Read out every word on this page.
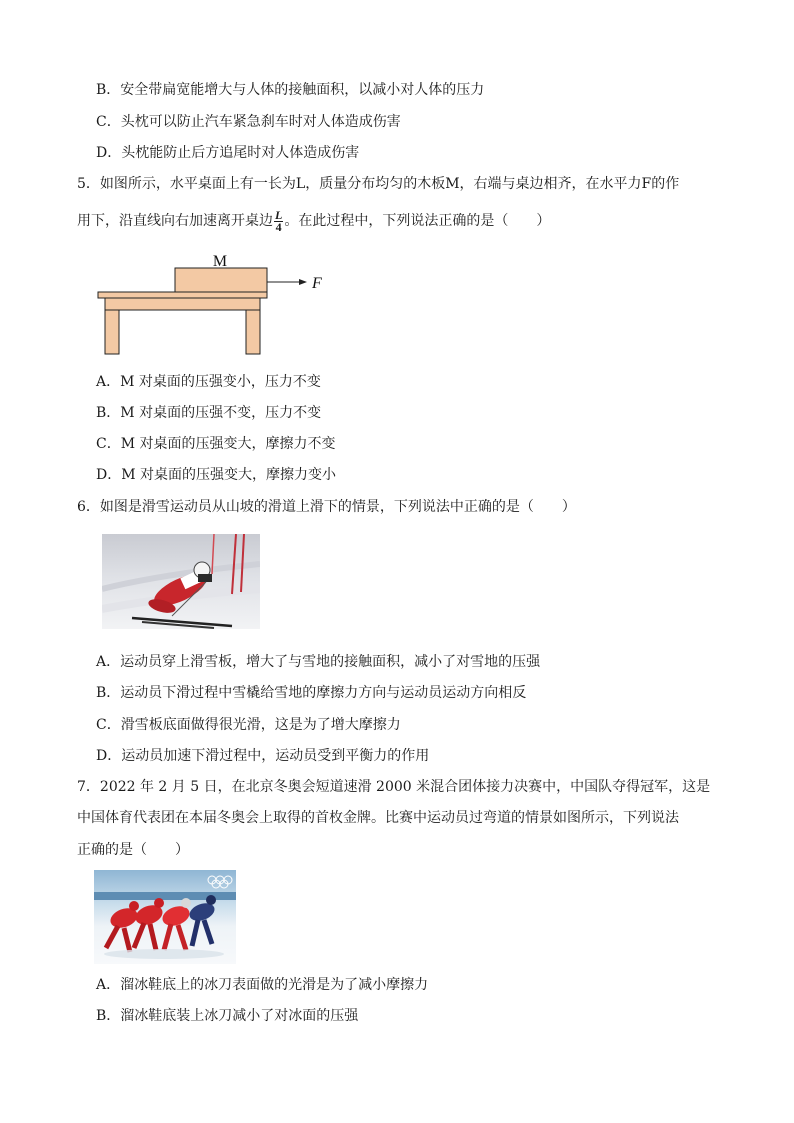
B．安全带扁宽能增大与人体的接触面积，以减小对人体的压力
C．头枕可以防止汽车紧急刹车时对人体造成伤害
D．头枕能防止后方追尾时对人体造成伤害
5．如图所示，水平桌面上有一长为L，质量分布均匀的木板M，右端与桌边相齐，在水平力F的作
用下，沿直线向右加速离开桌边 $\frac{L}{4}$ 。在此过程中，下列说法正确的是（　　）
M
F
A．M 对桌面的压强变小，压力不变
B．M 对桌面的压强不变，压力不变
C．M 对桌面的压强变大，摩擦力不变
D．M 对桌面的压强变大，摩擦力变小
6．如图是滑雪运动员从山坡的滑道上滑下的情景，下列说法中正确的是（　　）
A．运动员穿上滑雪板，增大了与雪地的接触面积，减小了对雪地的压强
B．运动员下滑过程中雪橇给雪地的摩擦力方向与运动员运动方向相反
C．滑雪板底面做得很光滑，这是为了增大摩擦力
D．运动员加速下滑过程中，运动员受到平衡力的作用
7．2022 年 2 月 5 日，在北京冬奥会短道速滑 2000 米混合团体接力决赛中，中国队夺得冠军，这是
中国体育代表团在本届冬奥会上取得的首枚金牌。比赛中运动员过弯道的情景如图所示，下列说法
正确的是（　　）
A．溜冰鞋底上的冰刀表面做的光滑是为了减小摩擦力
B．溜冰鞋底装上冰刀减小了对冰面的压强
